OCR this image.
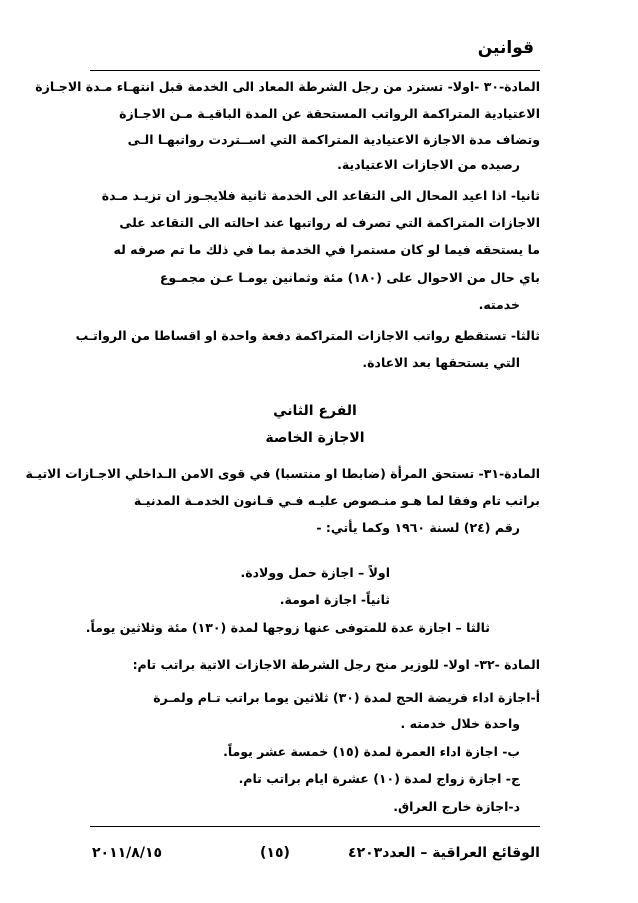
قوانين
المادة-٣٠ -اولا- تسترد من رجل الشرطة المعاد الى الخدمة قبل انتهـاء مـدة الاجـازة
الاعتيادية المتراكمة الرواتب المستحقة عن المدة الباقيـة مـن الاجـازة
وتضاف مدة الاجازة الاعتيادية المتراكمة التي اســتردت رواتبهـا الـى
رصيده من الاجازات الاعتيادية.
ثانيا- اذا اعيد المحال الى التقاعد الى الخدمة ثانية فلايجـوز ان تزيـد مـدة
الاجازات المتراكمة التي تصرف له رواتبها عند احالته الى التقاعد على
ما يستحقه فيما لو كان مستمرا في الخدمة بما في ذلك ما تم صرفه له
باي حال من الاحوال على (١٨٠) مئة وثمانين يومـا عـن مجمـوع
خدمته.
ثالثا- تستقطع رواتب الاجازات المتراكمة دفعة واحدة او اقساطا من الرواتـب
التي يستحقها بعد الاعادة.
الفرع الثاني
الاجازة الخاصة
المادة-٣١- تستحق المرأة (ضابطا او منتسبا) في قوى الامن الـداخلي الاجـازات الاتيـة
براتب تام وفقا لما هـو منـصوص عليـه فـي قـانون الخدمـة المدنيـة
رقم (٢٤) لسنة ١٩٦٠ وكما يأتي: -
اولاً – اجازة حمل وولادة.
ثانياً- اجازة امومة.
ثالثا – اجازة عدة للمتوفى عنها زوجها لمدة (١٣٠) مئة وثلاثين يوماً.
المادة -٣٢- اولا- للوزير منح رجل الشرطة الاجازات الاتية براتب تام:
أ-اجازة اداء فريضة الحج لمدة (٣٠) ثلاثين يوما براتب تـام ولمـرة
واحدة خلال خدمته .
ب- اجازة اداء العمرة لمدة (١٥) خمسة عشر يوماً.
ج- اجازة زواج لمدة (١٠) عشرة ايام براتب تام.
د-اجازة خارج العراق.
الوقائع العراقية – العدد٤٢٠٣
(١٥)
٢٠١١/٨/١٥
